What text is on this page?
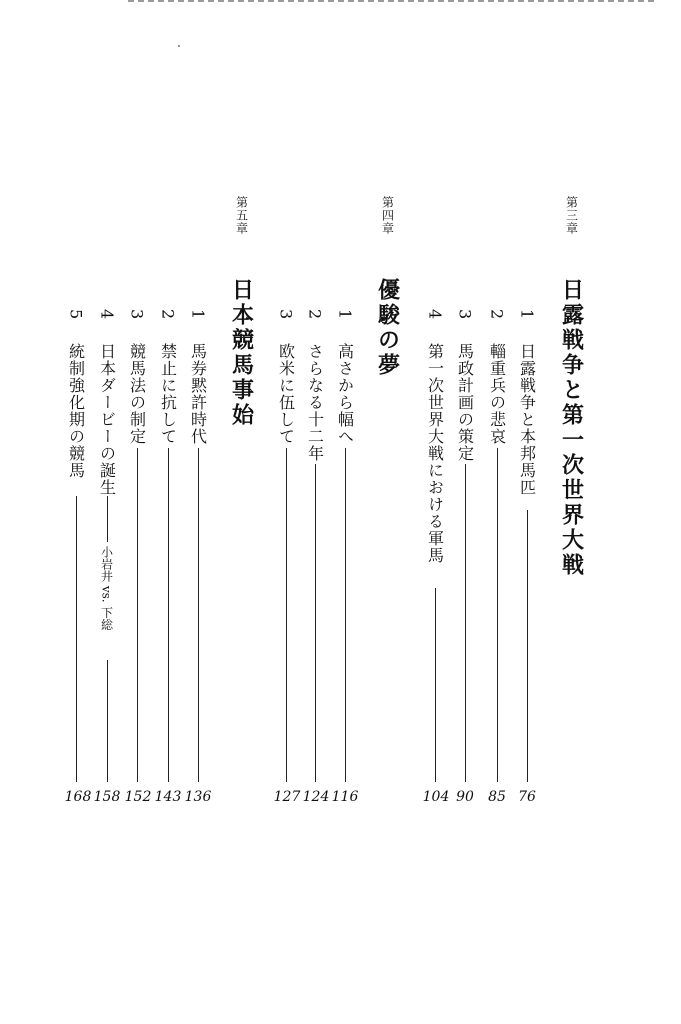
第三章
日露戦争と第一次世界大戦
1
日露戦争と本邦馬匹
76
2
輜重兵の悲哀
85
3
馬政計画の策定
90
4
第一次世界大戦における軍馬
104
第四章
優駿の夢
1
高さから幅へ
116
2
さらなる十二年
124
3
欧米に伍して
127
第五章
日本競馬事始
1
馬券黙許時代
136
2
禁止に抗して
143
3
競馬法の制定
152
4
日本ダービーの誕生
小岩井 vs. 下総
158
5
統制強化期の競馬
168
